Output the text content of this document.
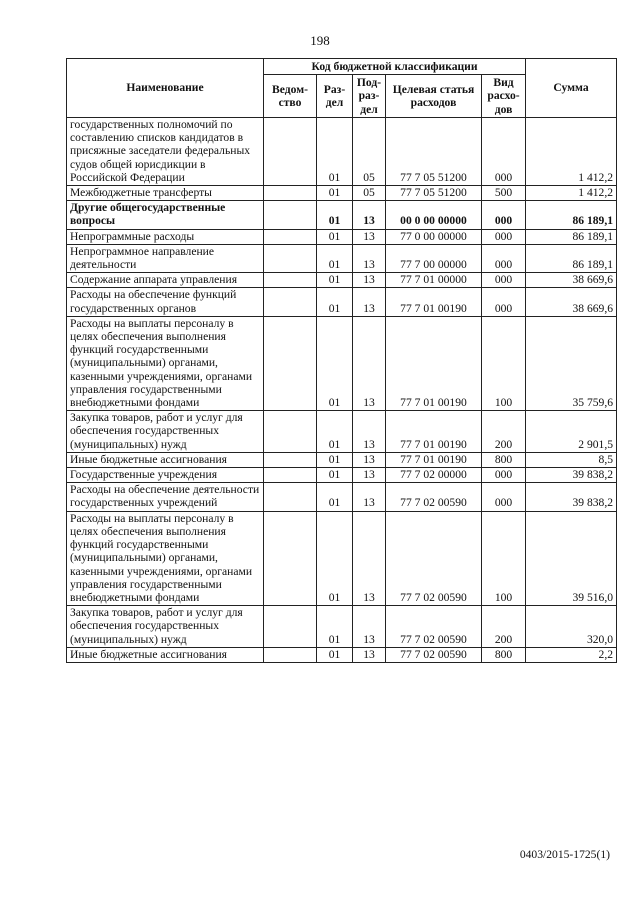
198
Наименование	Код бюджетной классификации					Сумма
	Ведом-ство	Раз-дел	Под-раз-дел	Целевая статья расходов	Вид расхо-дов	
государственных полномочий по составлению списков кандидатов в присяжные заседатели федеральных судов общей юрисдикции в Российской Федерации		01	05	77 7 05 51200	000	1 412,2
Межбюджетные трансферты		01	05	77 7 05 51200	500	1 412,2
Другие общегосударственные вопросы		01	13	00 0 00 00000	000	86 189,1
Непрограммные расходы		01	13	77 0 00 00000	000	86 189,1
Непрограммное направление деятельности		01	13	77 7 00 00000	000	86 189,1
Содержание аппарата управления		01	13	77 7 01 00000	000	38 669,6
Расходы на обеспечение функций государственных органов		01	13	77 7 01 00190	000	38 669,6
Расходы на выплаты персоналу в целях обеспечения выполнения функций государственными (муниципальными) органами, казенными учреждениями, органами управления государственными внебюджетными фондами		01	13	77 7 01 00190	100	35 759,6
Закупка товаров, работ и услуг для обеспечения государственных (муниципальных) нужд		01	13	77 7 01 00190	200	2 901,5
Иные бюджетные ассигнования		01	13	77 7 01 00190	800	8,5
Государственные учреждения		01	13	77 7 02 00000	000	39 838,2
Расходы на обеспечение деятельности государственных учреждений		01	13	77 7 02 00590	000	39 838,2
Расходы на выплаты персоналу в целях обеспечения выполнения функций государственными (муниципальными) органами, казенными учреждениями, органами управления государственными внебюджетными фондами		01	13	77 7 02 00590	100	39 516,0
Закупка товаров, работ и услуг для обеспечения государственных (муниципальных) нужд		01	13	77 7 02 00590	200	320,0
Иные бюджетные ассигнования		01	13	77 7 02 00590	800	2,2
0403/2015-1725(1)
